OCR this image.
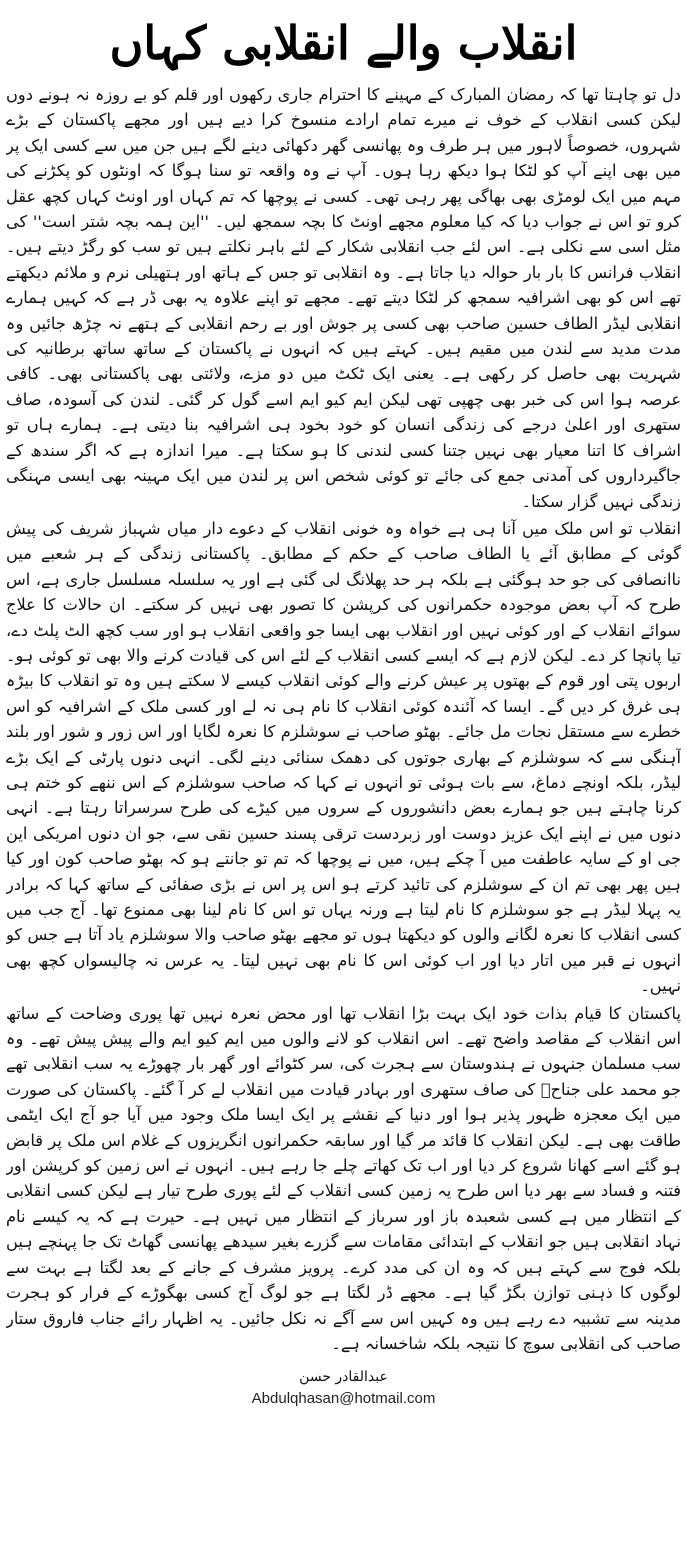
انقلاب والے انقلابی کہاں

دل تو چاہتا تھا کہ رمضان المبارک کے مہینے کا احترام جاری رکھوں اور قلم کو بے روزہ نہ ہونے دوں لیکن کسی انقلاب کے خوف نے میرے تمام ارادے منسوخ کرا دیے ہیں اور مجھے پاکستان کے بڑے شہروں، خصوصاً لاہور میں ہر طرف وہ پھانسی گھر دکھائی دینے لگے ہیں جن میں سے کسی ایک پر میں بھی اپنے آپ کو لٹکا ہوا دیکھ رہا ہوں۔ آپ نے وہ واقعہ تو سنا ہوگا کہ اونٹوں کو پکڑنے کی مہم میں ایک لومڑی بھی بھاگی پھر رہی تھی۔ کسی نے پوچھا کہ تم کہاں اور اونٹ کہاں کچھ عقل کرو تو اس نے جواب دیا کہ کیا معلوم مجھے اونٹ کا بچہ سمجھ لیں۔ ''این ہمہ بچہ شتر است'' کی مثل اسی سے نکلی ہے۔ اس لئے جب انقلابی شکار کے لئے باہر نکلتے ہیں تو سب کو رگڑ دیتے ہیں۔ انقلاب فرانس کا بار بار حوالہ دیا جاتا ہے۔ وہ انقلابی تو جس کے ہاتھ اور ہتھیلی نرم و ملائم دیکھتے تھے اس کو بھی اشرافیہ سمجھ کر لٹکا دیتے تھے۔ مجھے تو اپنے علاوہ یہ بھی ڈر ہے کہ کہیں ہمارے انقلابی لیڈر الطاف حسین صاحب بھی کسی پر جوش اور بے رحم انقلابی کے ہتھے نہ چڑھ جائیں وہ مدت مدید سے لندن میں مقیم ہیں۔ کہتے ہیں کہ انہوں نے پاکستان کے ساتھ ساتھ برطانیہ کی شہریت بھی حاصل کر رکھی ہے۔ یعنی ایک ٹکٹ میں دو مزے، ولائتی بھی پاکستانی بھی۔ کافی عرصہ ہوا اس کی خبر بھی چھپی تھی لیکن ایم کیو ایم اسے گول کر گئی۔ لندن کی آسودہ، صاف ستھری اور اعلیٰ درجے کی زندگی انسان کو خود بخود ہی اشرافیہ بنا دیتی ہے۔ ہمارے ہاں تو اشراف کا اتنا معیار بھی نہیں جتنا کسی لندنی کا ہو سکتا ہے۔ میرا اندازہ ہے کہ اگر سندھ کے جاگیرداروں کی آمدنی جمع کی جائے تو کوئی شخص اس پر لندن میں ایک مہینہ بھی ایسی مہنگی زندگی نہیں گزار سکتا۔

انقلاب تو اس ملک میں آنا ہی ہے خواہ وہ خونی انقلاب کے دعوے دار میاں شہباز شریف کی پیش گوئی کے مطابق آئے یا الطاف صاحب کے حکم کے مطابق۔ پاکستانی زندگی کے ہر شعبے میں ناانصافی کی جو حد ہوگئی ہے بلکہ ہر حد پھلانگ لی گئی ہے اور یہ سلسلہ مسلسل جاری ہے، اس طرح کہ آپ بعض موجودہ حکمرانوں کی کرپشن کا تصور بھی نہیں کر سکتے۔ ان حالات کا علاج سوائے انقلاب کے اور کوئی نہیں اور انقلاب بھی ایسا جو واقعی انقلاب ہو اور سب کچھ الٹ پلٹ دے، تیا پانچا کر دے۔ لیکن لازم ہے کہ ایسے کسی انقلاب کے لئے اس کی قیادت کرنے والا بھی تو کوئی ہو۔ اربوں پتی اور قوم کے بھتوں پر عیش کرنے والے کوئی انقلاب کیسے لا سکتے ہیں وہ تو انقلاب کا بیڑہ ہی غرق کر دیں گے۔ ایسا کہ آئندہ کوئی انقلاب کا نام ہی نہ لے اور کسی ملک کے اشرافیہ کو اس خطرے سے مستقل نجات مل جائے۔ بھٹو صاحب نے سوشلزم کا نعرہ لگایا اور اس زور و شور اور بلند آہنگی سے کہ سوشلزم کے بھاری جوتوں کی دھمک سنائی دینے لگی۔ انہی دنوں پارٹی کے ایک بڑے لیڈر، بلکہ اونچے دماغ، سے بات ہوئی تو انہوں نے کہا کہ صاحب سوشلزم کے اس ننھے کو ختم ہی کرنا چاہتے ہیں جو ہمارے بعض دانشوروں کے سروں میں کیڑے کی طرح سرسراتا رہتا ہے۔ انہی دنوں میں نے اپنے ایک عزیز دوست اور زبردست ترقی پسند حسین نقی سے، جو ان دنوں امریکی این جی او کے سایہ عاطفت میں آ چکے ہیں، میں نے پوچھا کہ تم تو جانتے ہو کہ بھٹو صاحب کون اور کیا ہیں پھر بھی تم ان کے سوشلزم کی تائید کرتے ہو اس پر اس نے بڑی صفائی کے ساتھ کہا کہ برادر یہ پہلا لیڈر ہے جو سوشلزم کا نام لیتا ہے ورنہ یہاں تو اس کا نام لینا بھی ممنوع تھا۔ آج جب میں کسی انقلاب کا نعرہ لگانے والوں کو دیکھتا ہوں تو مجھے بھٹو صاحب والا سوشلزم یاد آتا ہے جس کو انہوں نے قبر میں اتار دیا اور اب کوئی اس کا نام بھی نہیں لیتا۔ یہ عرس نہ چالیسواں کچھ بھی نہیں۔

پاکستان کا قیام بذات خود ایک بہت بڑا انقلاب تھا اور محض نعرہ نہیں تھا پوری وضاحت کے ساتھ اس انقلاب کے مقاصد واضح تھے۔ اس انقلاب کو لانے والوں میں ایم کیو ایم والے پیش پیش تھے۔ وہ سب مسلمان جنہوں نے ہندوستان سے ہجرت کی، سر کٹوائے اور گھر بار چھوڑے یہ سب انقلابی تھے جو محمد علی جناحؒ کی صاف ستھری اور بہادر قیادت میں انقلاب لے کر آ گئے۔ پاکستان کی صورت میں ایک معجزہ ظہور پذیر ہوا اور دنیا کے نقشے پر ایک ایسا ملک وجود میں آیا جو آج ایک ایٹمی طاقت بھی ہے۔ لیکن انقلاب کا قائد مر گیا اور سابقہ حکمرانوں انگریزوں کے غلام اس ملک پر قابض ہو گئے اسے کھانا شروع کر دیا اور اب تک کھاتے چلے جا رہے ہیں۔ انہوں نے اس زمین کو کرپشن اور فتنہ و فساد سے بھر دیا اس طرح یہ زمین کسی انقلاب کے لئے پوری طرح تیار ہے لیکن کسی انقلابی کے انتظار میں ہے کسی شعبدہ باز اور سرباز کے انتظار میں نہیں ہے۔ حیرت ہے کہ یہ کیسے نام نہاد انقلابی ہیں جو انقلاب کے ابتدائی مقامات سے گزرے بغیر سیدھے پھانسی گھاٹ تک جا پہنچے ہیں بلکہ فوج سے کہتے ہیں کہ وہ ان کی مدد کرے۔ پرویز مشرف کے جانے کے بعد لگتا ہے بہت سے لوگوں کا ذہنی توازن بگڑ گیا ہے۔ مجھے ڈر لگتا ہے جو لوگ آج کسی بھگوڑے کے فرار کو ہجرت مدینہ سے تشبیہ دے رہے ہیں وہ کہیں اس سے آگے نہ نکل جائیں۔ یہ اظہار رائے جناب فاروق ستار صاحب کی انقلابی سوچ کا نتیجہ بلکہ شاخسانہ ہے۔

عبدالقادر حسن
Abdulqhasan@hotmail.com
